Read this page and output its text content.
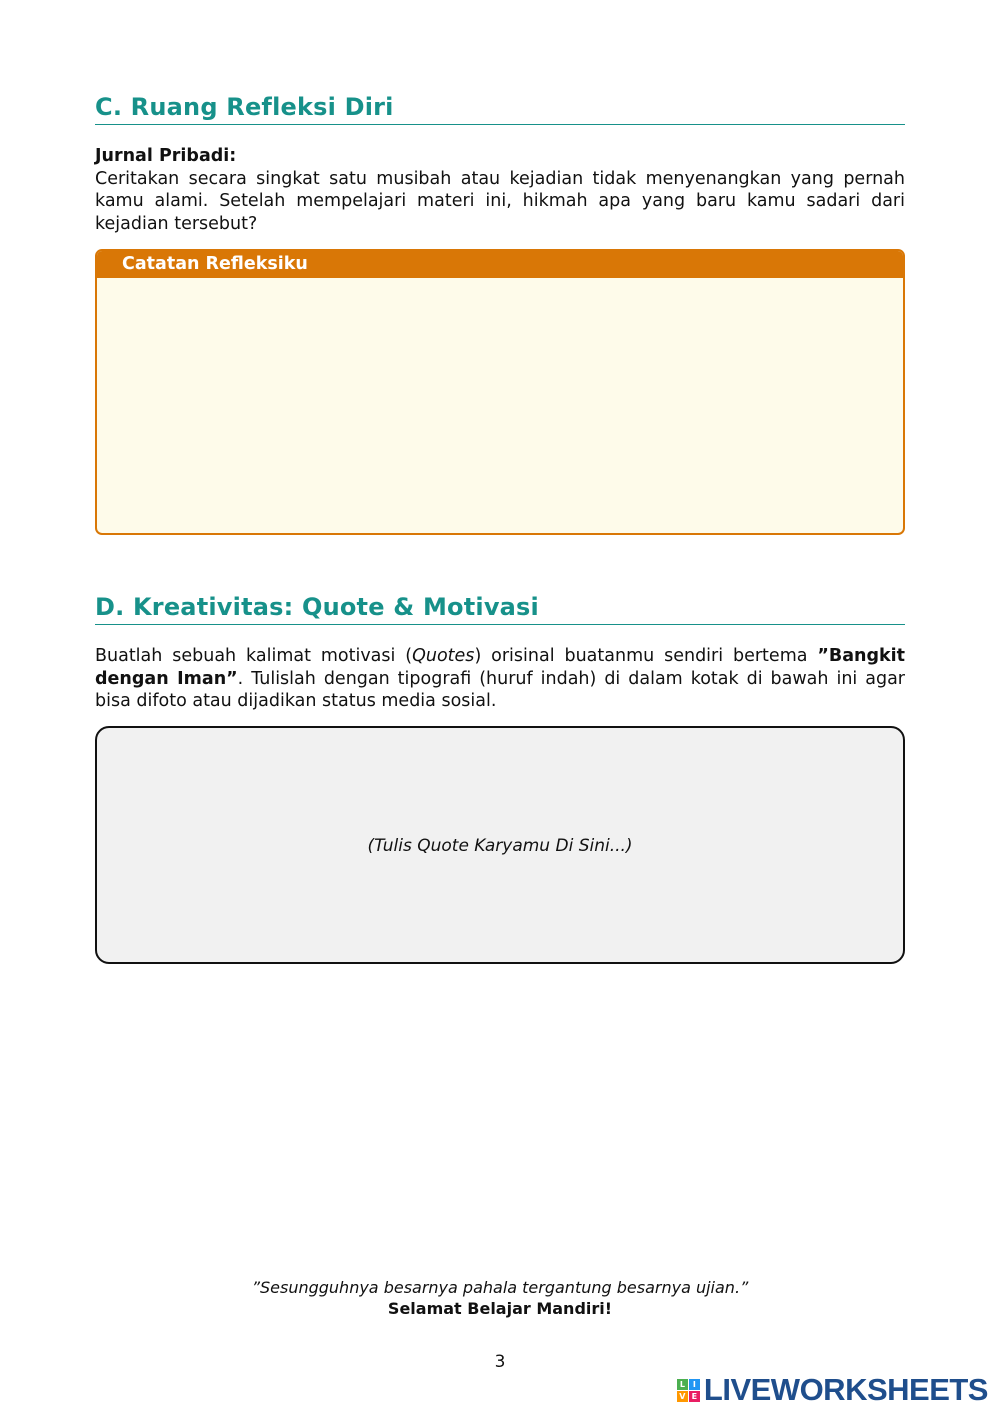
C. Ruang Refleksi Diri
Jurnal Pribadi:
Ceritakan secara singkat satu musibah atau kejadian tidak menyenangkan yang pernah kamu alami. Setelah mempelajari materi ini, hikmah apa yang baru kamu sadari dari kejadian tersebut?
Catatan Refleksiku
D. Kreativitas: Quote & Motivasi
Buatlah sebuah kalimat motivasi (Quotes) orisinal buatanmu sendiri bertema ”Bangkit dengan Iman”. Tulislah dengan tipografi (huruf indah) di dalam kotak di bawah ini agar bisa difoto atau dijadikan status media sosial.
(Tulis Quote Karyamu Di Sini...)
”Sesungguhnya besarnya pahala tergantung besarnya ujian.”
Selamat Belajar Mandiri!
3
L I
V E LIVEWORKSHEETS
